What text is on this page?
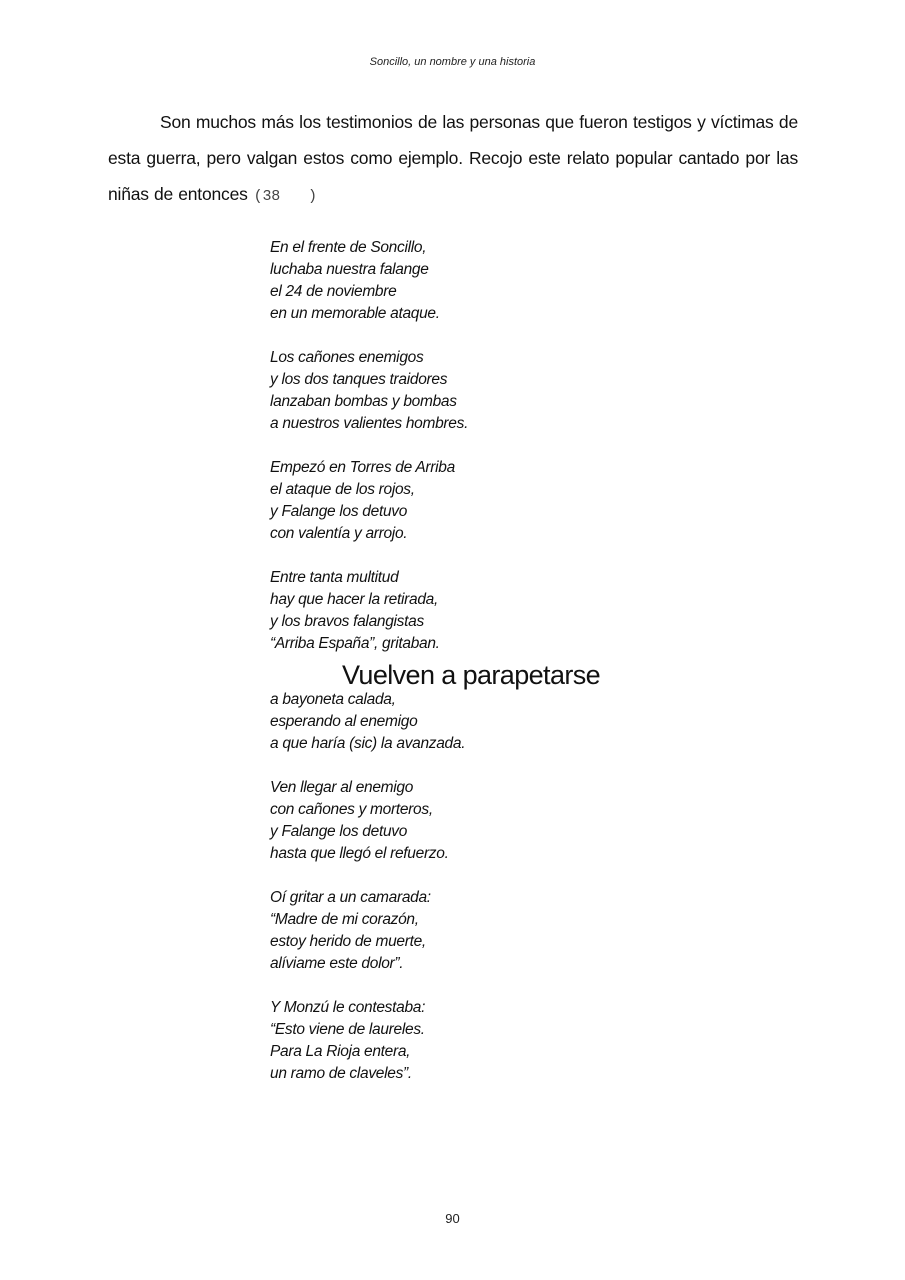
Soncillo, un nombre y una historia
Son muchos más los testimonios de las personas que fueron testigos y víctimas de esta guerra, pero valgan estos como ejemplo. Recojo este relato popular cantado por las niñas de entonces (38   )
En el frente de Soncillo,
luchaba nuestra falange
el 24 de noviembre
en un memorable ataque.
Los cañones enemigos
y los dos tanques traidores
lanzaban bombas y bombas
a nuestros valientes hombres.
Empezó en Torres de Arriba
el ataque de los rojos,
y Falange los detuvo
con valentía y arrojo.
Entre tanta multitud
hay que hacer la retirada,
y los bravos falangistas
“Arriba España”, gritaban.
Vuelven a parapetarse
a bayoneta calada,
esperando al enemigo
a que haría (sic) la avanzada.
Ven llegar al enemigo
con cañones y morteros,
y Falange los detuvo
hasta que llegó el refuerzo.
Oí gritar a un camarada:
“Madre de mi corazón,
estoy herido de muerte,
alíviame este dolor”.
Y Monzú le contestaba:
“Esto viene de laureles.
Para La Rioja entera,
un ramo de claveles”.
90
